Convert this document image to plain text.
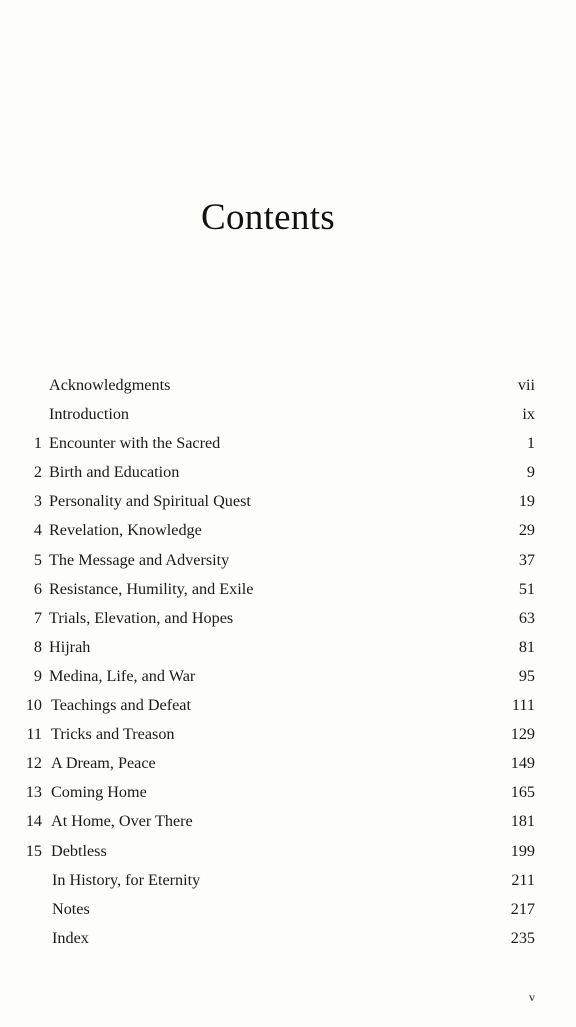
Contents
Acknowledgments	vii
Introduction	ix
1 Encounter with the Sacred	1
2 Birth and Education	9
3 Personality and Spiritual Quest	19
4 Revelation, Knowledge	29
5 The Message and Adversity	37
6 Resistance, Humility, and Exile	51
7 Trials, Elevation, and Hopes	63
8 Hijrah	81
9 Medina, Life, and War	95
10 Teachings and Defeat	111
11 Tricks and Treason	129
12 A Dream, Peace	149
13 Coming Home	165
14 At Home, Over There	181
15 Debtless	199
In History, for Eternity	211
Notes	217
Index	235
v
